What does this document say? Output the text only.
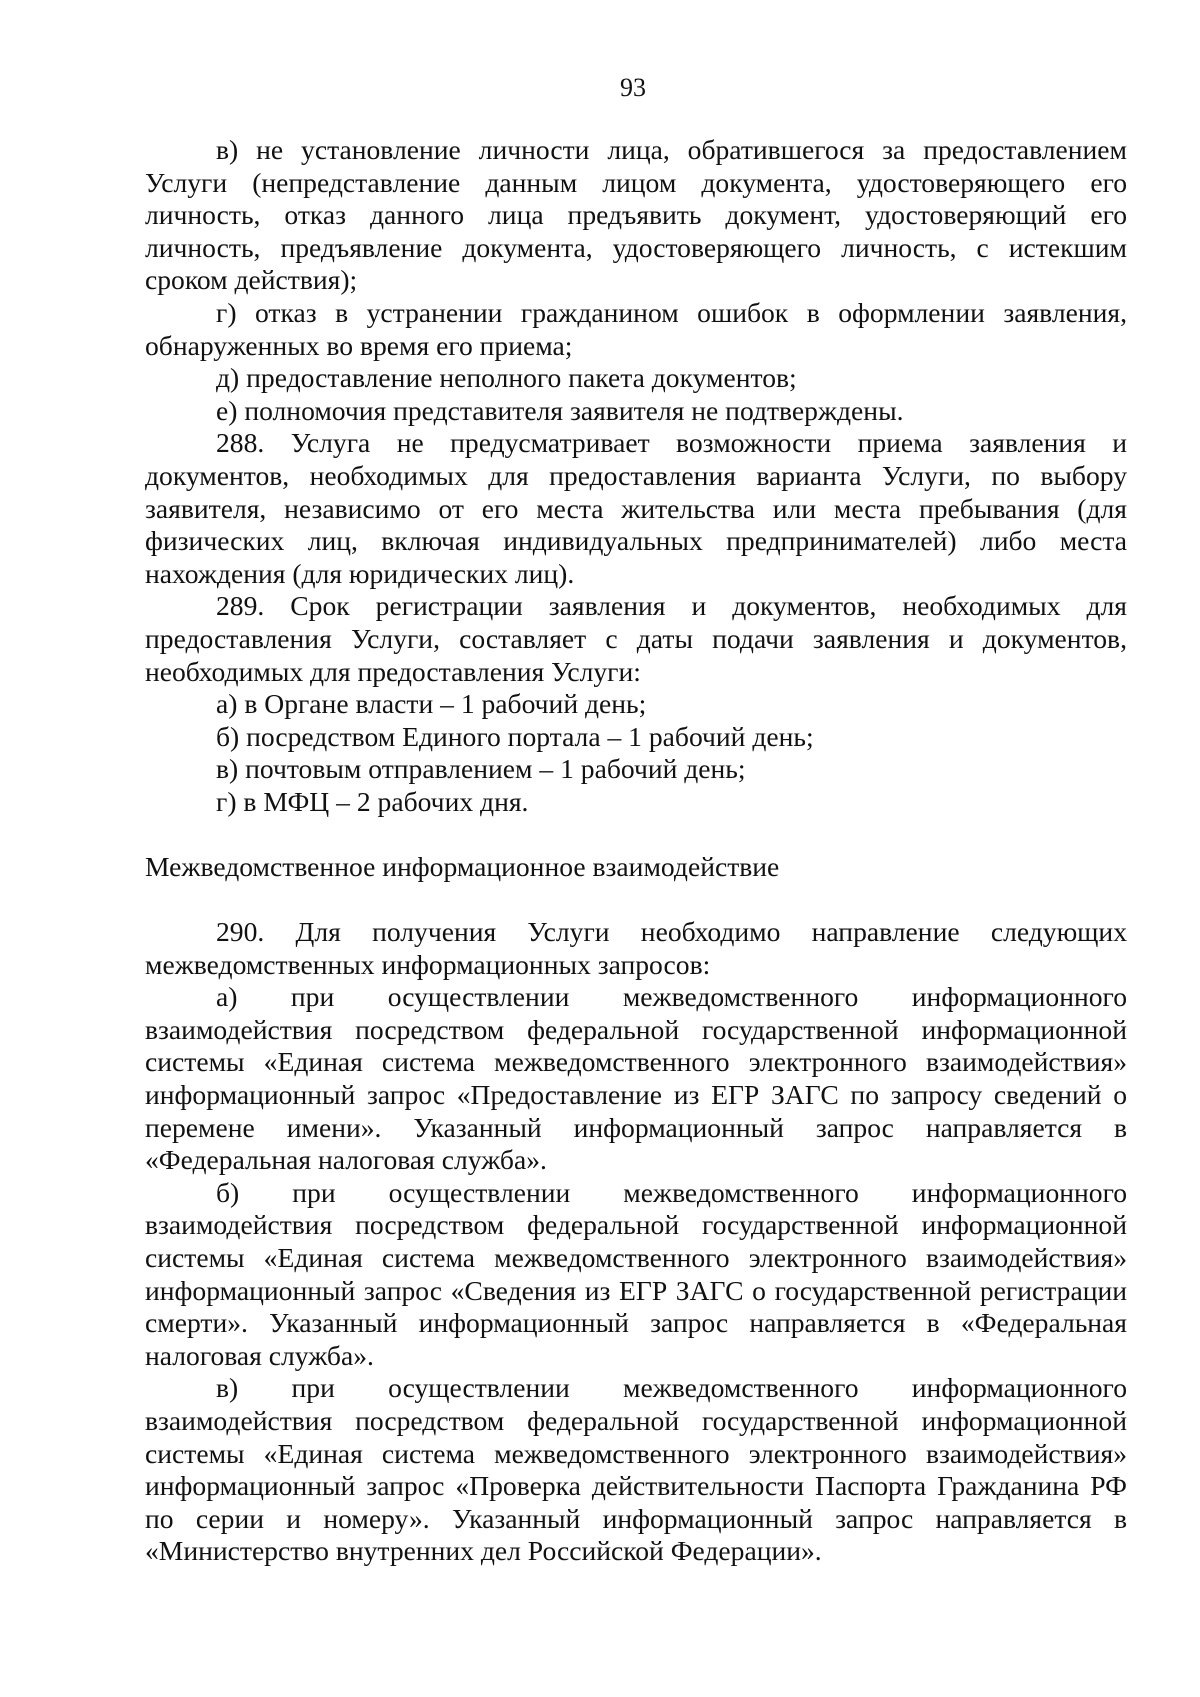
93

в) не установление личности лица, обратившегося за предоставлением Услуги (непредставление данным лицом документа, удостоверяющего его личность, отказ данного лица предъявить документ, удостоверяющий его личность, предъявление документа, удостоверяющего личность, с истекшим сроком действия);

г) отказ в устранении гражданином ошибок в оформлении заявления, обнаруженных во время его приема;

д) предоставление неполного пакета документов;

е) полномочия представителя заявителя не подтверждены.

288. Услуга не предусматривает возможности приема заявления и документов, необходимых для предоставления варианта Услуги, по выбору заявителя, независимо от его места жительства или места пребывания (для физических лиц, включая индивидуальных предпринимателей) либо места нахождения (для юридических лиц).

289. Срок регистрации заявления и документов, необходимых для предоставления Услуги, составляет с даты подачи заявления и документов, необходимых для предоставления Услуги:

а) в Органе власти – 1 рабочий день;

б) посредством Единого портала – 1 рабочий день;

в) почтовым отправлением – 1 рабочий день;

г) в МФЦ – 2 рабочих дня.

Межведомственное информационное взаимодействие

290. Для получения Услуги необходимо направление следующих межведомственных информационных запросов:

а) при осуществлении межведомственного информационного взаимодействия посредством федеральной государственной информационной системы «Единая система межведомственного электронного взаимодействия» информационный запрос «Предоставление из ЕГР ЗАГС по запросу сведений о перемене имени». Указанный информационный запрос направляется в «Федеральная налоговая служба».

б) при осуществлении межведомственного информационного взаимодействия посредством федеральной государственной информационной системы «Единая система межведомственного электронного взаимодействия» информационный запрос «Сведения из ЕГР ЗАГС о государственной регистрации смерти». Указанный информационный запрос направляется в «Федеральная налоговая служба».

в) при осуществлении межведомственного информационного взаимодействия посредством федеральной государственной информационной системы «Единая система межведомственного электронного взаимодействия» информационный запрос «Проверка действительности Паспорта Гражданина РФ по серии и номеру». Указанный информационный запрос направляется в «Министерство внутренних дел Российской Федерации».
